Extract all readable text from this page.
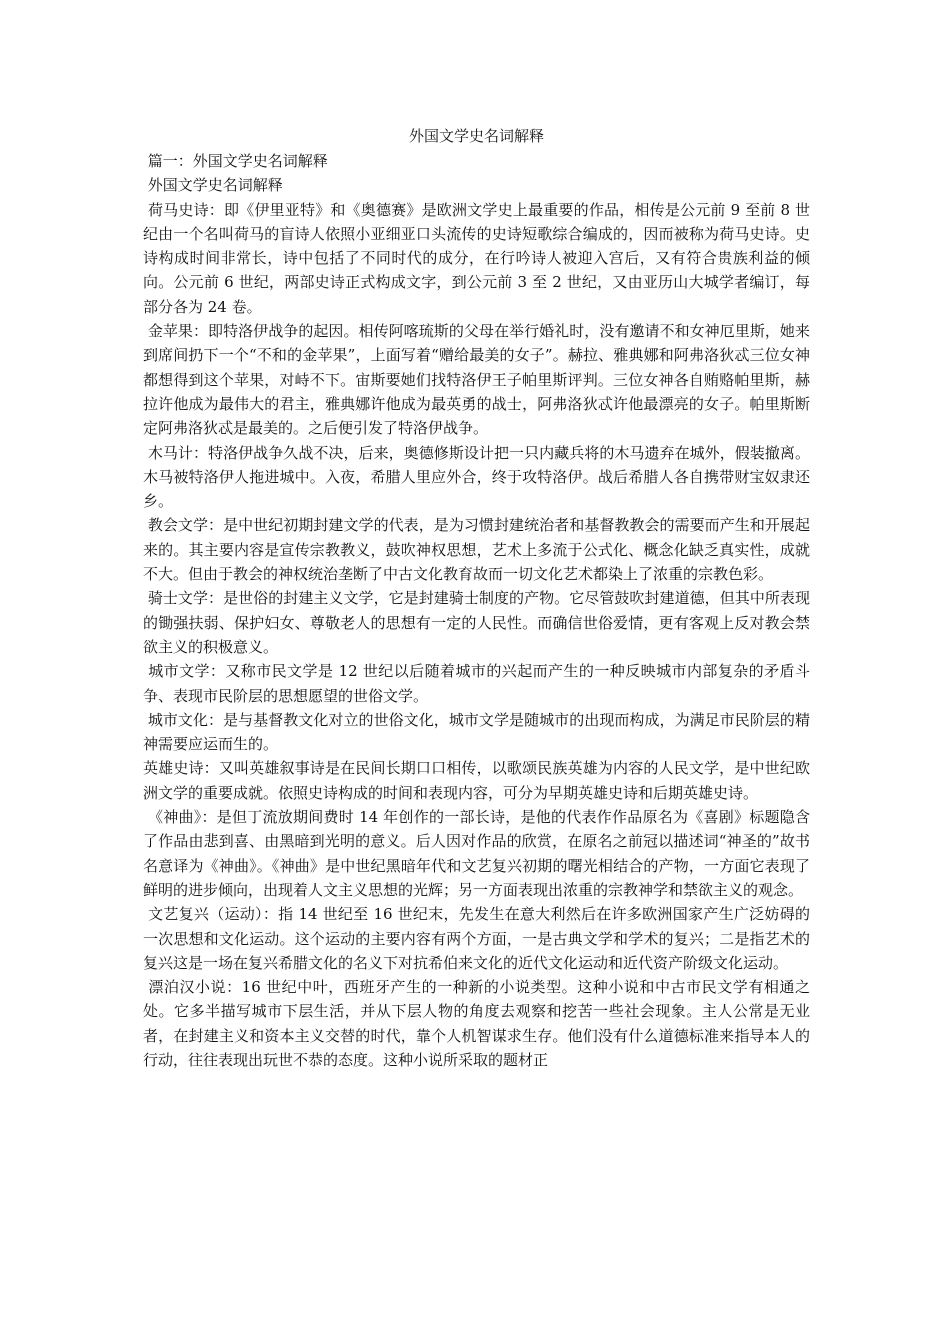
外国文学史名词解释

篇一：外国文学史名词解释

外国文学史名词解释

荷马史诗：即《伊里亚特》和《奥德赛》是欧洲文学史上最重要的作品，相传是公元前 9 至前 8 世纪由一个名叫荷马的盲诗人依照小亚细亚口头流传的史诗短歌综合编成的，因而被称为荷马史诗。史诗构成时间非常长，诗中包括了不同时代的成分，在行吟诗人被迎入宫后，又有符合贵族利益的倾向。公元前 6 世纪，两部史诗正式构成文字，到公元前 3 至 2 世纪，又由亚历山大城学者编订，每部分各为 24 卷。

金苹果：即特洛伊战争的起因。相传阿喀琉斯的父母在举行婚礼时，没有邀请不和女神厄里斯，她来到席间扔下一个“不和的金苹果”，上面写着“赠给最美的女子”。赫拉、雅典娜和阿弗洛狄忒三位女神都想得到这个苹果，对峙不下。宙斯要她们找特洛伊王子帕里斯评判。三位女神各自贿赂帕里斯，赫拉许他成为最伟大的君主，雅典娜许他成为最英勇的战士，阿弗洛狄忒许他最漂亮的女子。帕里斯断定阿弗洛狄忒是最美的。之后便引发了特洛伊战争。

木马计：特洛伊战争久战不决，后来，奥德修斯设计把一只内藏兵将的木马遗弃在城外，假装撤离。木马被特洛伊人拖进城中。入夜，希腊人里应外合，终于攻特洛伊。战后希腊人各自携带财宝奴隶还乡。

教会文学：是中世纪初期封建文学的代表，是为习惯封建统治者和基督教教会的需要而产生和开展起来的。其主要内容是宣传宗教教义，鼓吹神权思想，艺术上多流于公式化、概念化缺乏真实性，成就不大。但由于教会的神权统治垄断了中古文化教育故而一切文化艺术都染上了浓重的宗教色彩。

骑士文学：是世俗的封建主义文学，它是封建骑士制度的产物。它尽管鼓吹封建道德，但其中所表现的锄强扶弱、保护妇女、尊敬老人的思想有一定的人民性。而确信世俗爱情，更有客观上反对教会禁欲主义的积极意义。

城市文学：又称市民文学是 12 世纪以后随着城市的兴起而产生的一种反映城市内部复杂的矛盾斗争、表现市民阶层的思想愿望的世俗文学。

城市文化：是与基督教文化对立的世俗文化，城市文学是随城市的出现而构成，为满足市民阶层的精神需要应运而生的。

英雄史诗：又叫英雄叙事诗是在民间长期口口相传，以歌颂民族英雄为内容的人民文学，是中世纪欧洲文学的重要成就。依照史诗构成的时间和表现内容，可分为早期英雄史诗和后期英雄史诗。

《神曲》：是但丁流放期间费时 14 年创作的一部长诗，是他的代表作作品原名为《喜剧》标题隐含了作品由悲到喜、由黑暗到光明的意义。后人因对作品的欣赏，在原名之前冠以描述词“神圣的”故书名意译为《神曲》。《神曲》是中世纪黑暗年代和文艺复兴初期的曙光相结合的产物，一方面它表现了鲜明的进步倾向，出现着人文主义思想的光辉；另一方面表现出浓重的宗教神学和禁欲主义的观念。

文艺复兴（运动）：指 14 世纪至 16 世纪末，先发生在意大利然后在许多欧洲国家产生广泛妨碍的一次思想和文化运动。这个运动的主要内容有两个方面，一是古典文学和学术的复兴；二是指艺术的复兴这是一场在复兴希腊文化的名义下对抗希伯来文化的近代文化运动和近代资产阶级文化运动。

漂泊汉小说：16 世纪中叶，西班牙产生的一种新的小说类型。这种小说和中古市民文学有相通之处。它多半描写城市下层生活，并从下层人物的角度去观察和挖苦一些社会现象。主人公常是无业者，在封建主义和资本主义交替的时代，靠个人机智谋求生存。他们没有什么道德标准来指导本人的行动，往往表现出玩世不恭的态度。这种小说所采取的题材正
